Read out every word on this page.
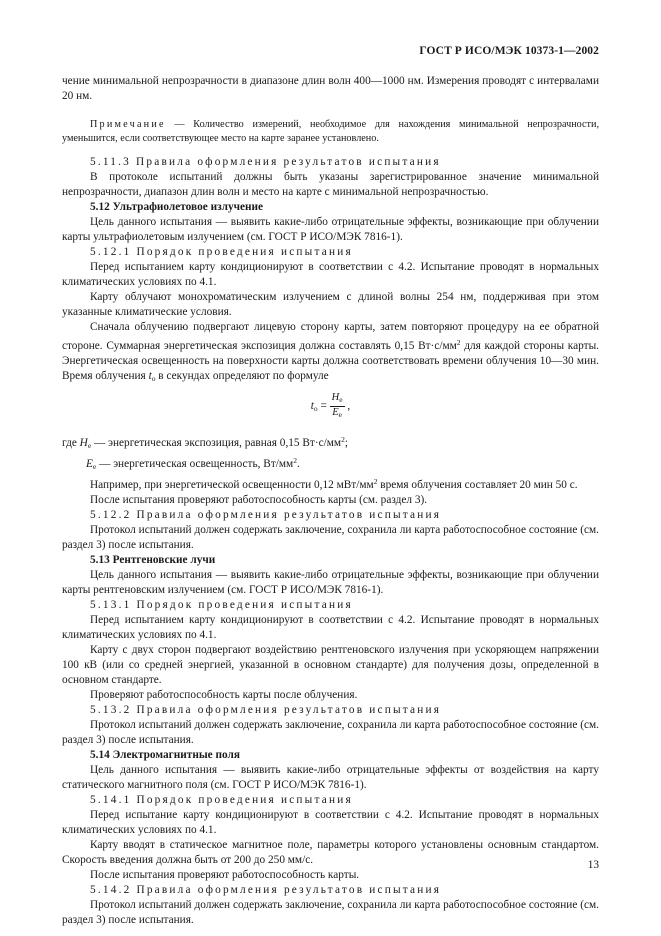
ГОСТ Р ИСО/МЭК 10373-1—2002

чение минимальной непрозрачности в диапазоне длин волн 400—1000 нм. Измерения проводят с интервалами 20 нм.

Примечание — Количество измерений, необходимое для нахождения минимальной непрозрачности, уменьшится, если соответствующее место на карте заранее установлено.

5.11.3 Правила оформления результатов испытания

В протоколе испытаний должны быть указаны зарегистрированное значение минимальной непрозрачности, диапазон длин волн и место на карте с минимальной непрозрачностью.

5.12 Ультрафиолетовое излучение

Цель данного испытания — выявить какие-либо отрицательные эффекты, возникающие при облучении карты ультрафиолетовым излучением (см. ГОСТ Р ИСО/МЭК 7816-1).

5.12.1 Порядок проведения испытания

Перед испытанием карту кондиционируют в соответствии с 4.2. Испытание проводят в нормальных климатических условиях по 4.1.

Карту облучают монохроматическим излучением с длиной волны 254 нм, поддерживая при этом указанные климатические условия.

Сначала облучению подвергают лицевую сторону карты, затем повторяют процедуру на ее обратной стороне. Суммарная энергетическая экспозиция должна составлять 0,15 $Вт\cdot с/мм^2$ для каждой стороны карты. Энергетическая освещенность на поверхности карты должна соответствовать времени облучения 10—30 мин. Время облучения $t_o$ в секундах определяют по формуле

$t_o = \frac{H_e}{E_e}$ ,

где $H_e$ — энергетическая экспозиция, равная 0,15 $Вт\cdot с/мм^2$;

$E_e$ — энергетическая освещенность, $Вт/мм^2$.

Например, при энергетической освещенности 0,12 мВт/$мм^2$ время облучения составляет 20 мин 50 с.

После испытания проверяют работоспособность карты (см. раздел 3).

5.12.2 Правила оформления результатов испытания

Протокол испытаний должен содержать заключение, сохранила ли карта работоспособное состояние (см. раздел 3) после испытания.

5.13 Рентгеновские лучи

Цель данного испытания — выявить какие-либо отрицательные эффекты, возникающие при облучении карты рентгеновским излучением (см. ГОСТ Р ИСО/МЭК 7816-1).

5.13.1 Порядок проведения испытания

Перед испытанием карту кондиционируют в соответствии с 4.2. Испытание проводят в нормальных климатических условиях по 4.1.

Карту с двух сторон подвергают воздействию рентгеновского излучения при ускоряющем напряжении 100 кВ (или со средней энергией, указанной в основном стандарте) для получения дозы, определенной в основном стандарте.

Проверяют работоспособность карты после облучения.

5.13.2 Правила оформления результатов испытания

Протокол испытаний должен содержать заключение, сохранила ли карта работоспособное состояние (см. раздел 3) после испытания.

5.14 Электромагнитные поля

Цель данного испытания — выявить какие-либо отрицательные эффекты от воздействия на карту статического магнитного поля (см. ГОСТ Р ИСО/МЭК 7816-1).

5.14.1 Порядок проведения испытания

Перед испытание карту кондиционируют в соответствии с 4.2. Испытание проводят в нормальных климатических условиях по 4.1.

Карту вводят в статическое магнитное поле, параметры которого установлены основным стандартом. Скорость введения должна быть от 200 до 250 мм/с.

После испытания проверяют работоспособность карты.

5.14.2 Правила оформления результатов испытания

Протокол испытаний должен содержать заключение, сохранила ли карта работоспособное состояние (см. раздел 3) после испытания.

13
